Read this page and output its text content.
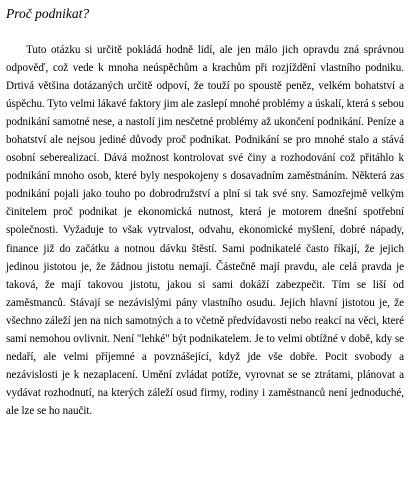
Proč podnikat?

Tuto otázku si určitě pokládá hodně lidí, ale jen málo jich opravdu zná správnou odpověď, což vede k mnoha neúspěchům a krachům při rozjíždění vlastního podniku. Drtivá většina dotázaných určitě odpoví, že touží po spoustě peněz, velkém bohatství a úspěchu. Tyto velmi lákavé faktory jim ale zaslepí mnohé problémy a úskalí, která s sebou podnikání samotné nese, a nastolí jim nesčetné problémy až ukončení podnikání. Peníze a bohatství ale nejsou jediné důvody proč podnikat. Podnikání se pro mnohé stalo a stává osobní seberealizací. Dává možnost kontrolovat své činy a rozhodování což přitáhlo k podnikání mnoho osob, které byly nespokojeny s dosavadním zaměstnáním. Některá zas podnikání pojali jako touho po dobrodružství a plní si tak své sny. Samozřejmě velkým činitelem proč podnikat je ekonomická nutnost, která je motorem dnešní spotřební společnosti. Vyžaduje to však vytrvalost, odvahu, ekonomické myšlení, dobré nápady, finance již do začátku a notnou dávku štěstí. Sami podnikatelé často říkají, že jejich jedinou jistotou je, že žádnou jistotu nemají. Částečně mají pravdu, ale celá pravda je taková, že mají takovou jistotu, jakou si sami dokáží zabezpečit. Tím se liší od zaměstnanců. Stávají se nezávislými pány vlastního osudu. Jejich hlavní jistotou je, že všechno záleží jen na nich samotných a to včetně předvídavosti nebo reakcí na věci, které sami nemohou ovlivnit. Není "lehké" být podnikatelem. Je to velmi obtížné v době, kdy se nedaří, ale velmi příjemné a povznášející, když jde vše dobře. Pocit svobody a nezávislosti je k nezaplacení. Umění zvládat potíže, vyrovnat se se ztrátami, plánovat a vydávat rozhodnutí, na kterých záleží osud firmy, rodiny i zaměstnanců není jednoduché, ale lze se ho naučit.
